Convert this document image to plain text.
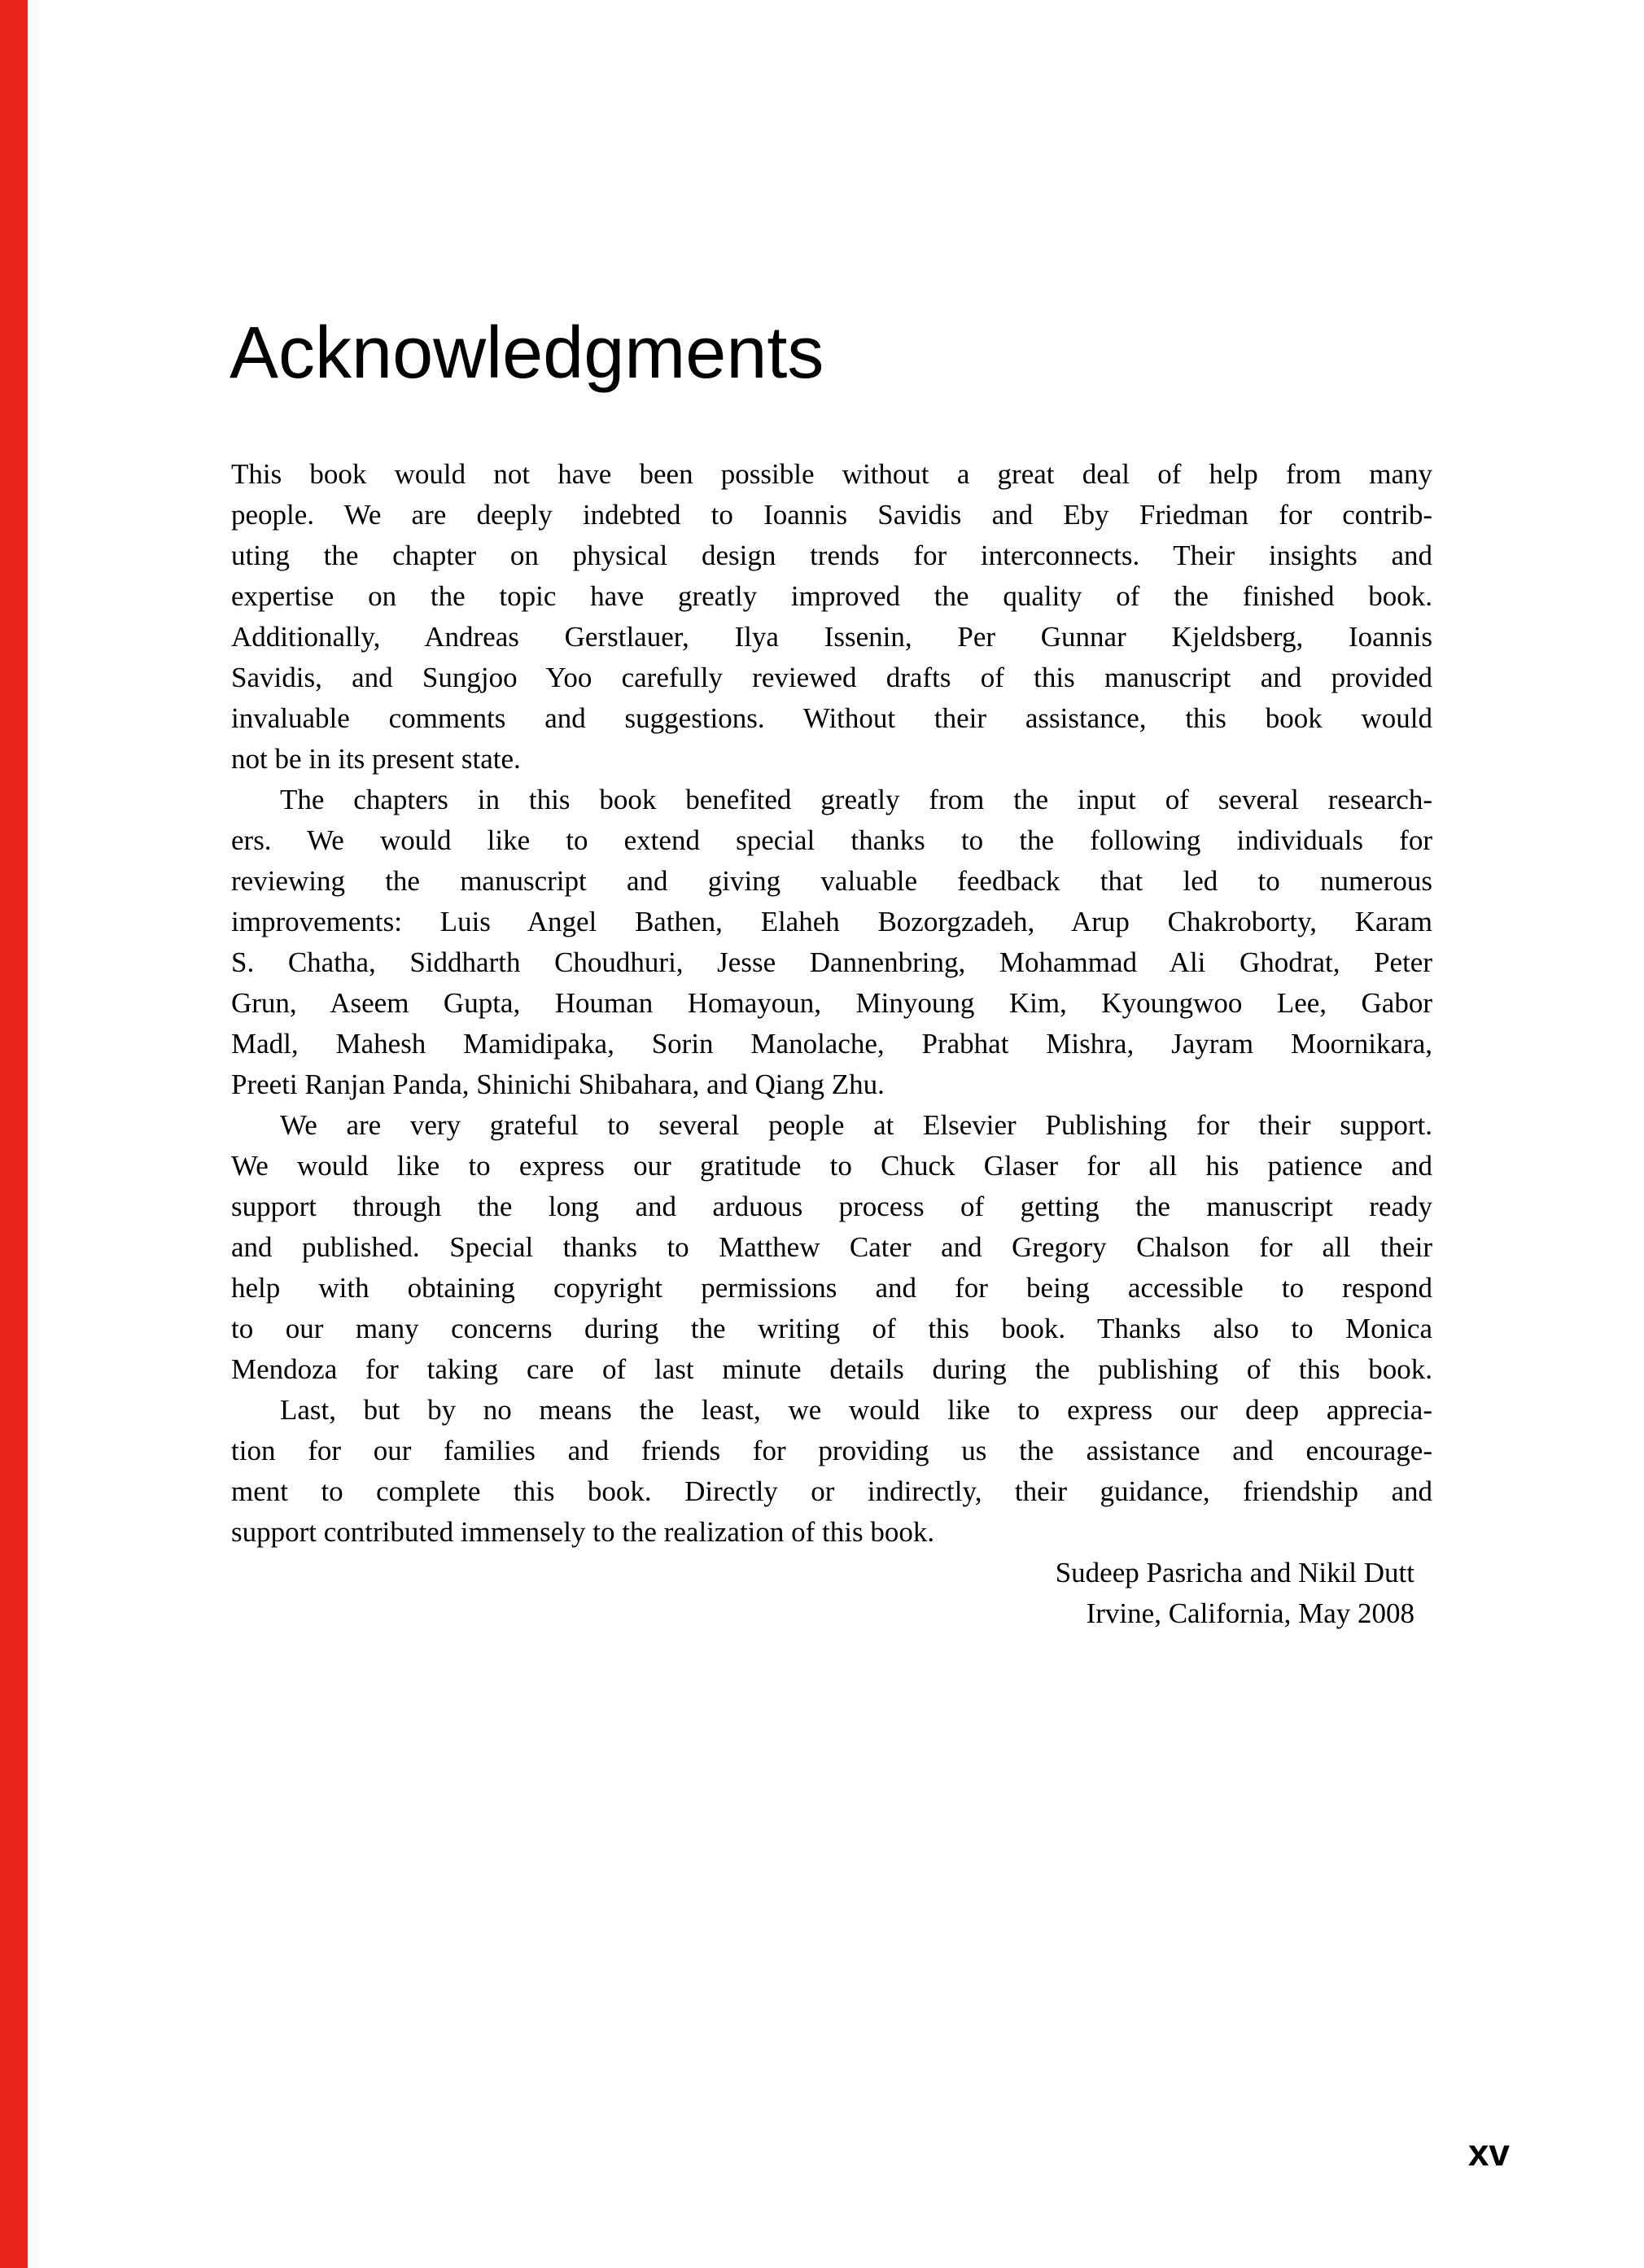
Acknowledgments
This book would not have been possible without a great deal of help from many
people. We are deeply indebted to Ioannis Savidis and Eby Friedman for contrib-
uting the chapter on physical design trends for interconnects. Their insights and
expertise on the topic have greatly improved the quality of the finished book.
Additionally, Andreas Gerstlauer, Ilya Issenin, Per Gunnar Kjeldsberg, Ioannis
Savidis, and Sungjoo Yoo carefully reviewed drafts of this manuscript and provided
invaluable comments and suggestions. Without their assistance, this book would
not be in its present state.
The chapters in this book benefited greatly from the input of several research-
ers. We would like to extend special thanks to the following individuals for
reviewing the manuscript and giving valuable feedback that led to numerous
improvements: Luis Angel Bathen, Elaheh Bozorgzadeh, Arup Chakroborty, Karam
S. Chatha, Siddharth Choudhuri, Jesse Dannenbring, Mohammad Ali Ghodrat, Peter
Grun, Aseem Gupta, Houman Homayoun, Minyoung Kim, Kyoungwoo Lee, Gabor
Madl, Mahesh Mamidipaka, Sorin Manolache, Prabhat Mishra, Jayram Moornikara,
Preeti Ranjan Panda, Shinichi Shibahara, and Qiang Zhu.
We are very grateful to several people at Elsevier Publishing for their support.
We would like to express our gratitude to Chuck Glaser for all his patience and
support through the long and arduous process of getting the manuscript ready
and published. Special thanks to Matthew Cater and Gregory Chalson for all their
help with obtaining copyright permissions and for being accessible to respond
to our many concerns during the writing of this book. Thanks also to Monica
Mendoza for taking care of last minute details during the publishing of this book.
Last, but by no means the least, we would like to express our deep apprecia-
tion for our families and friends for providing us the assistance and encourage-
ment to complete this book. Directly or indirectly, their guidance, friendship and
support contributed immensely to the realization of this book.
Sudeep Pasricha and Nikil Dutt
Irvine, California, May 2008
xv
